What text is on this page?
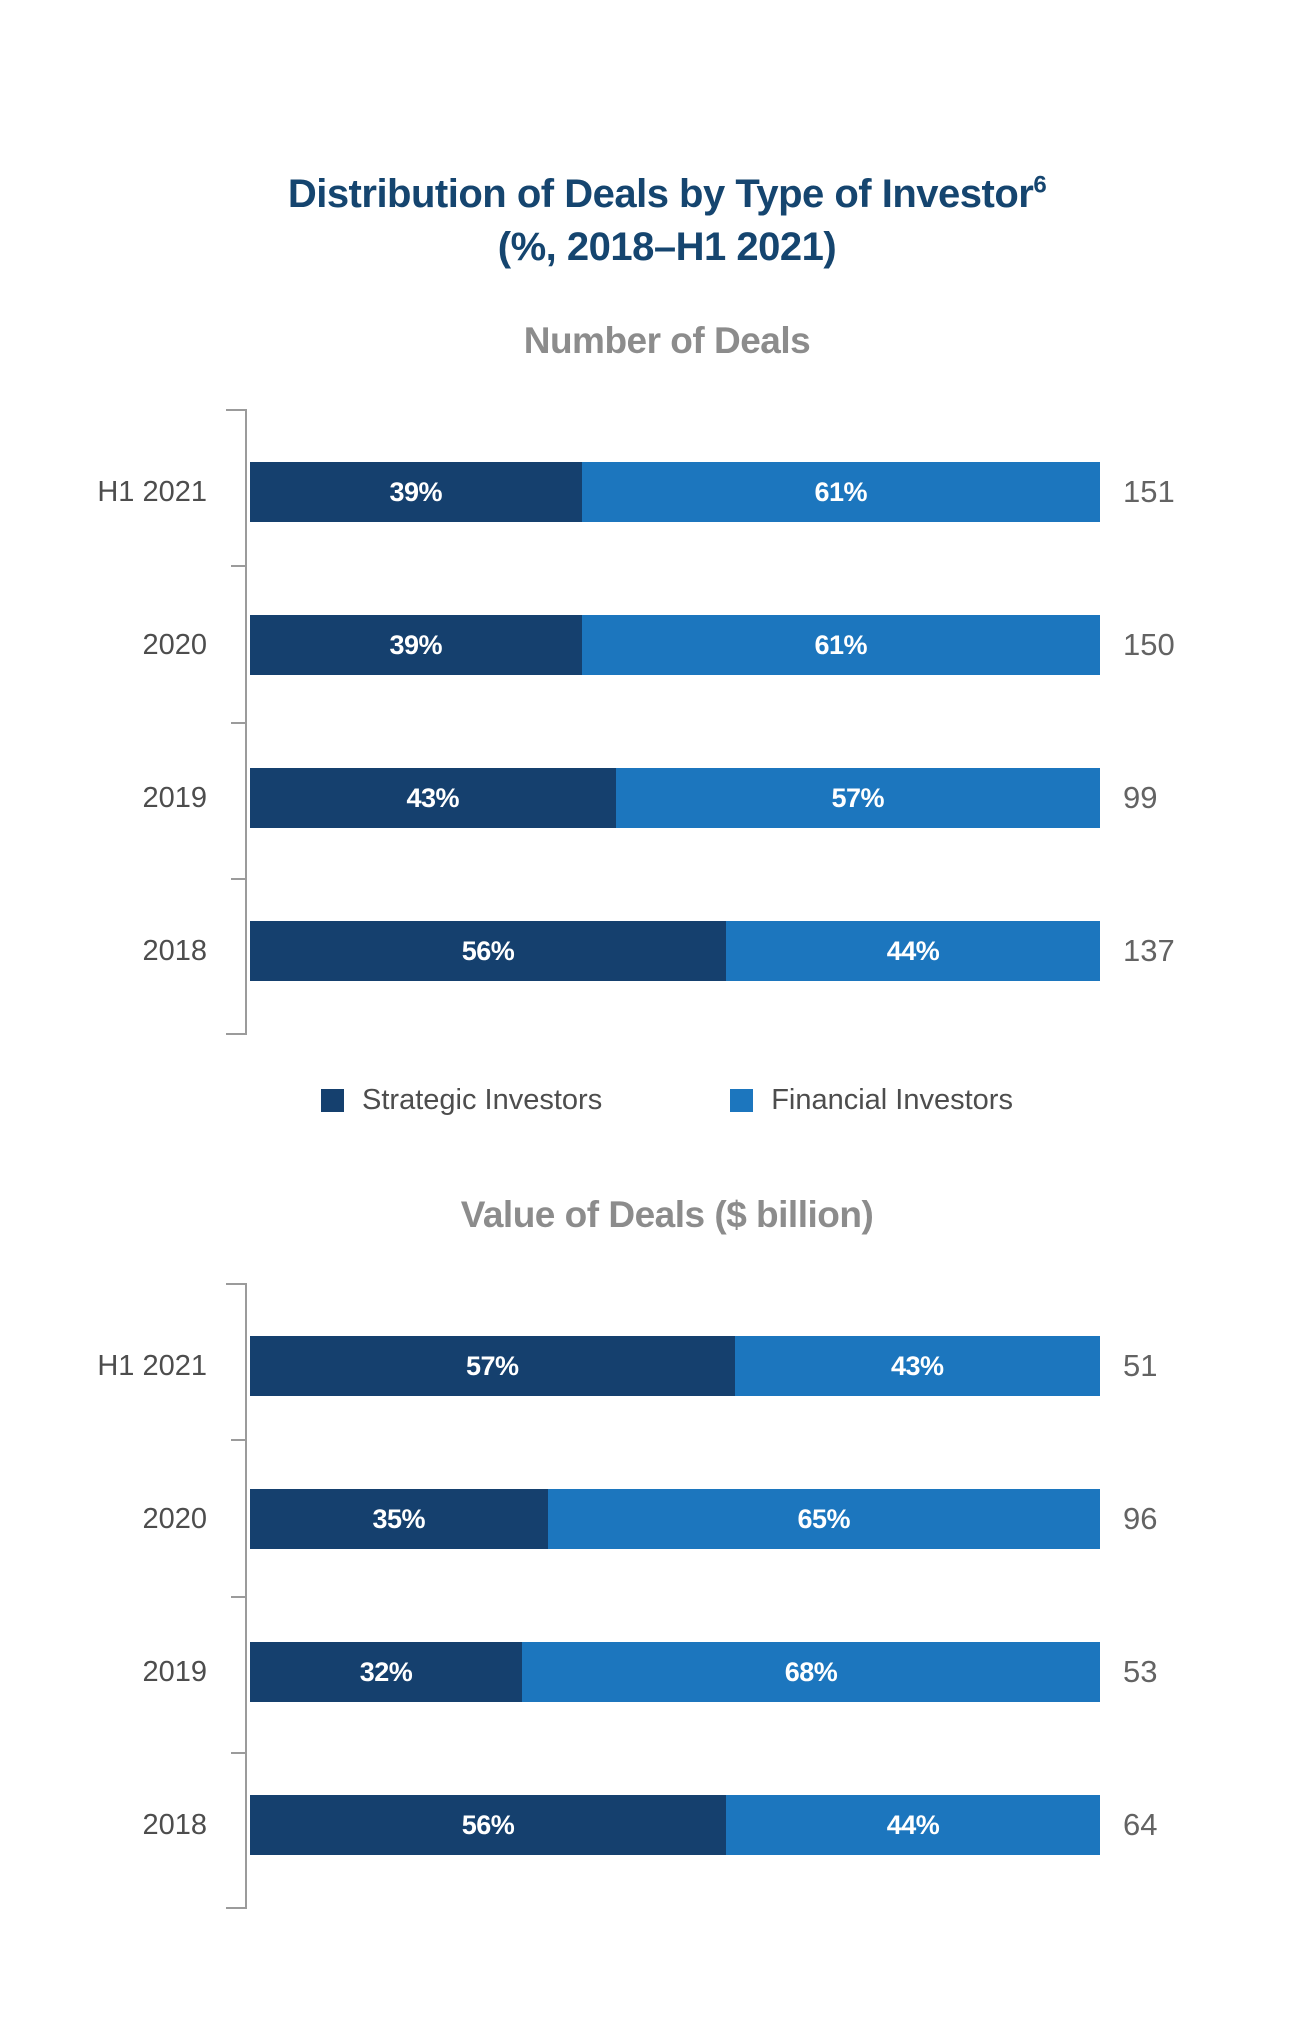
Distribution of Deals by Type of Investor$^6$
(%, 2018–H1 2021)
Number of Deals
H1 2021	39%	61%	151
2020	39%	61%	150
2019	43%	57%	99
2018	56%	44%	137
Strategic Investors	Financial Investors
Value of Deals ($ billion)
H1 2021	57%	43%	51
2020	35%	65%	96
2019	32%	68%	53
2018	56%	44%	64
